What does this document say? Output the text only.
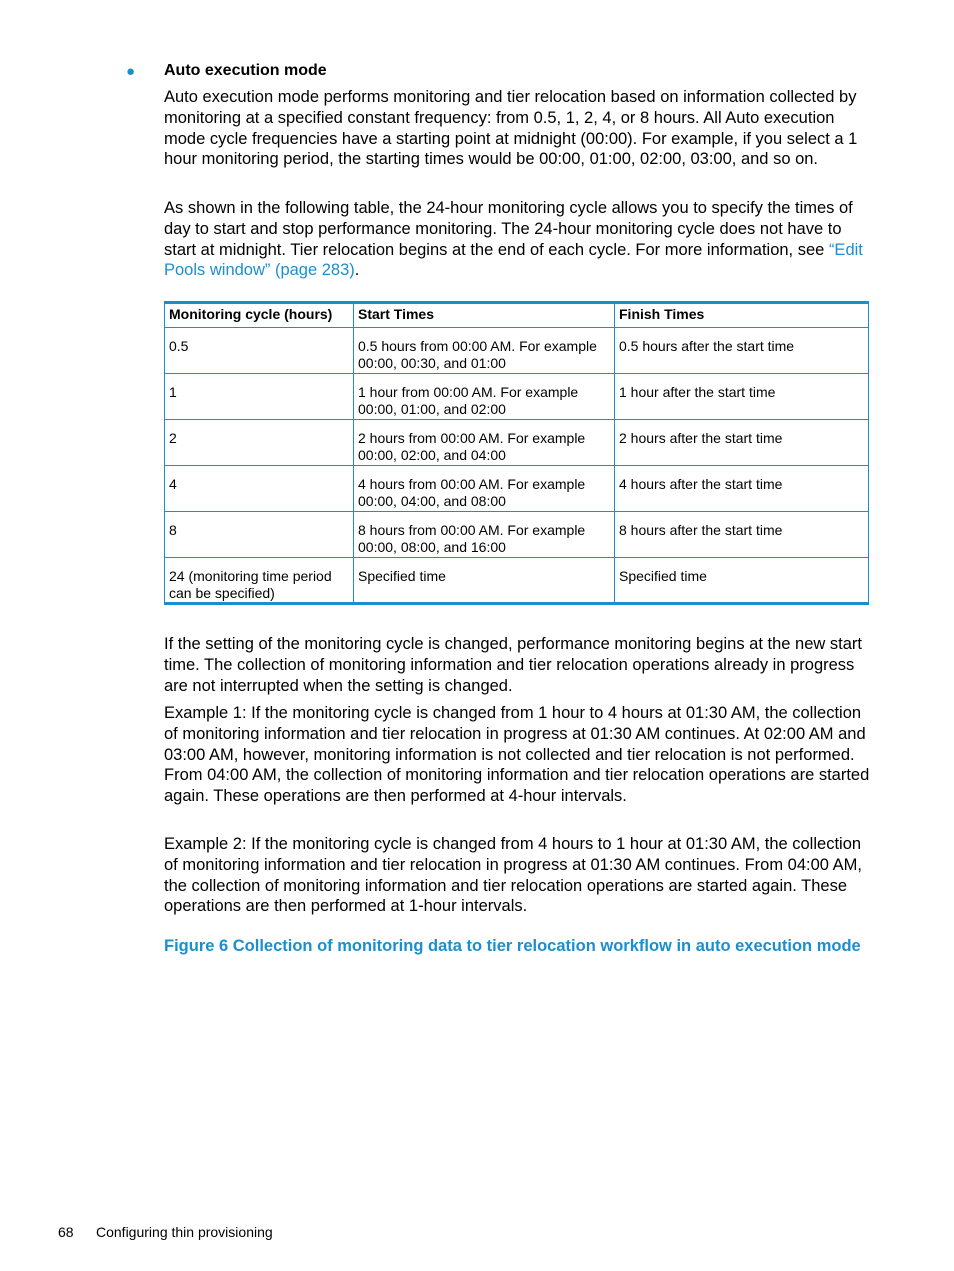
● Auto execution mode

Auto execution mode performs monitoring and tier relocation based on information collected by monitoring at a specified constant frequency: from 0.5, 1, 2, 4, or 8 hours. All Auto execution mode cycle frequencies have a starting point at midnight (00:00). For example, if you select a 1 hour monitoring period, the starting times would be 00:00, 01:00, 02:00, 03:00, and so on.

As shown in the following table, the 24-hour monitoring cycle allows you to specify the times of day to start and stop performance monitoring. The 24-hour monitoring cycle does not have to start at midnight. Tier relocation begins at the end of each cycle. For more information, see “Edit Pools window” (page 283).

Monitoring cycle (hours)	Start Times	Finish Times
0.5	0.5 hours from 00:00 AM. For example 00:00, 00:30, and 01:00	0.5 hours after the start time
1	1 hour from 00:00 AM. For example 00:00, 01:00, and 02:00	1 hour after the start time
2	2 hours from 00:00 AM. For example 00:00, 02:00, and 04:00	2 hours after the start time
4	4 hours from 00:00 AM. For example 00:00, 04:00, and 08:00	4 hours after the start time
8	8 hours from 00:00 AM. For example 00:00, 08:00, and 16:00	8 hours after the start time
24 (monitoring time period can be specified)	Specified time	Specified time

If the setting of the monitoring cycle is changed, performance monitoring begins at the new start time. The collection of monitoring information and tier relocation operations already in progress are not interrupted when the setting is changed.

Example 1: If the monitoring cycle is changed from 1 hour to 4 hours at 01:30 AM, the collection of monitoring information and tier relocation in progress at 01:30 AM continues. At 02:00 AM and 03:00 AM, however, monitoring information is not collected and tier relocation is not performed. From 04:00 AM, the collection of monitoring information and tier relocation operations are started again. These operations are then performed at 4-hour intervals.

Example 2: If the monitoring cycle is changed from 4 hours to 1 hour at 01:30 AM, the collection of monitoring information and tier relocation in progress at 01:30 AM continues. From 04:00 AM, the collection of monitoring information and tier relocation operations are started again. These operations are then performed at 1-hour intervals.

Figure 6 Collection of monitoring data to tier relocation workflow in auto execution mode
68 Configuring thin provisioning
